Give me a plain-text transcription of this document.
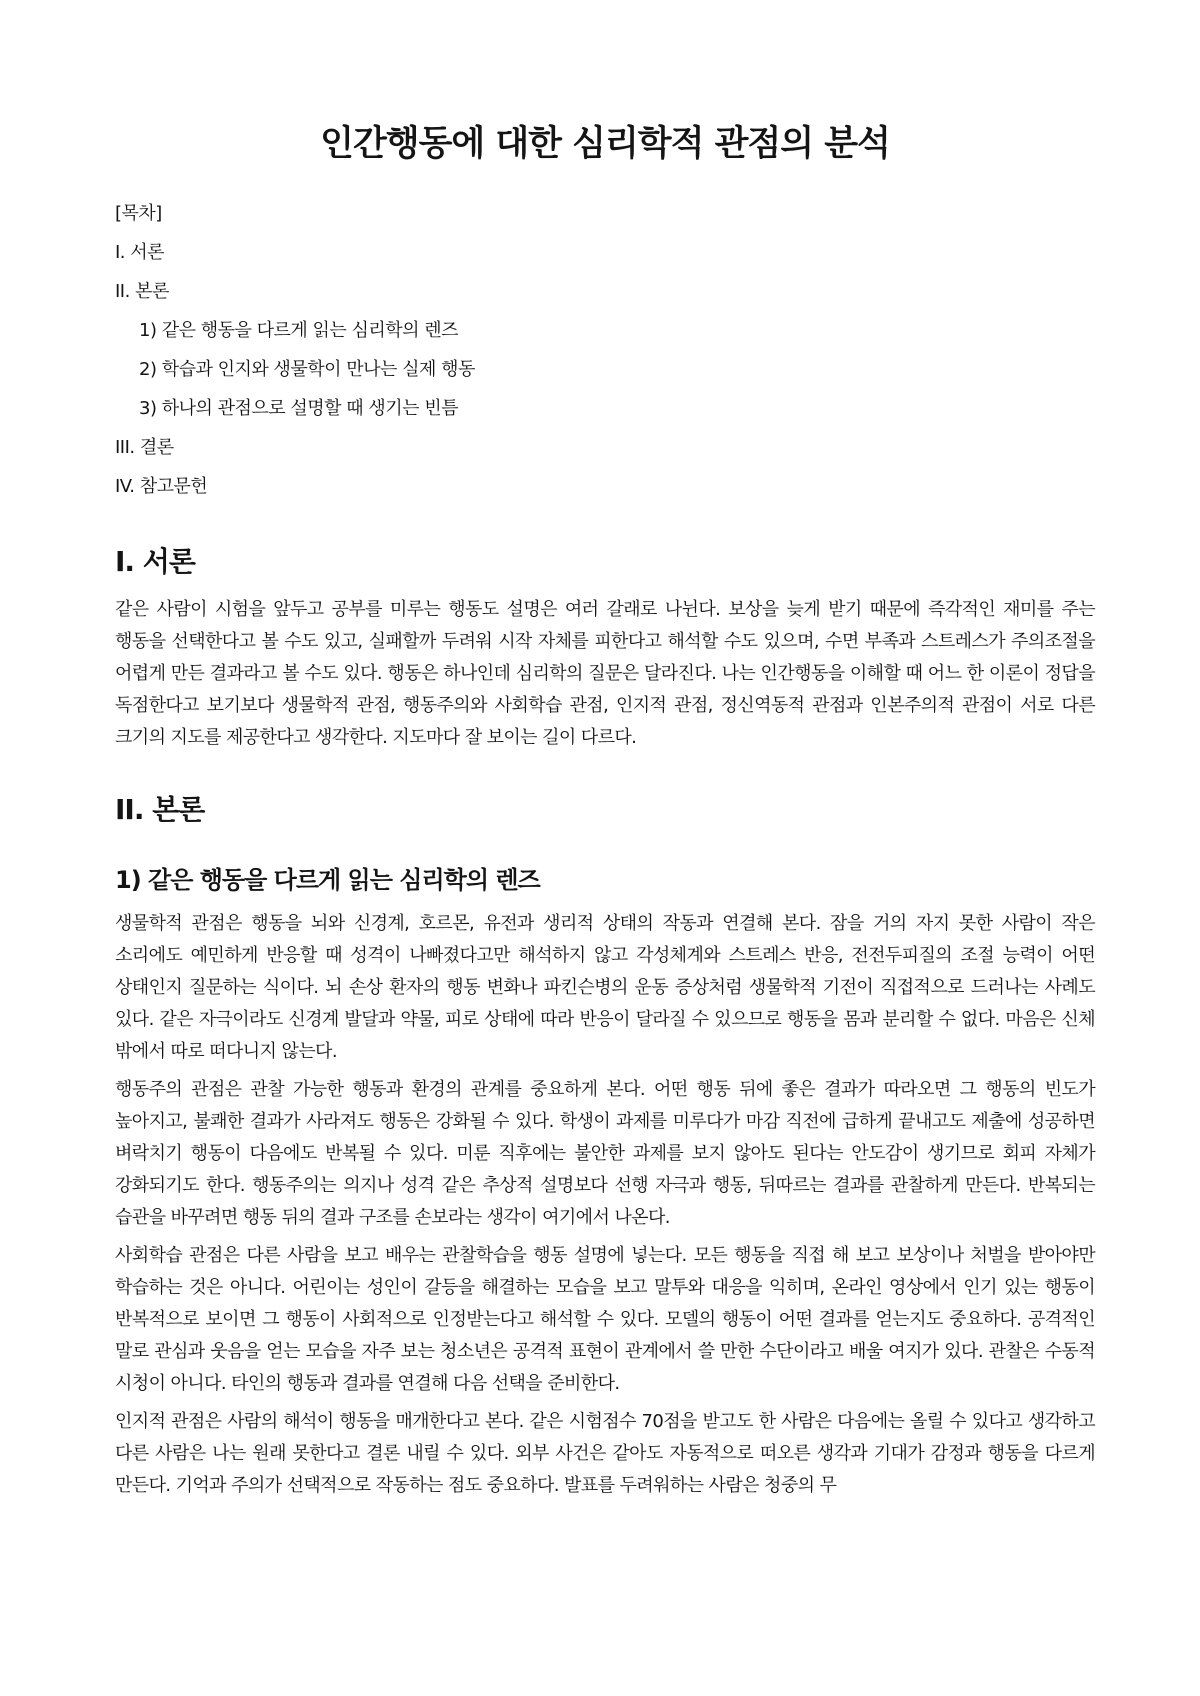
인간행동에 대한 심리학적 관점의 분석
[목차]
I. 서론
II. 본론
1) 같은 행동을 다르게 읽는 심리학의 렌즈
2) 학습과 인지와 생물학이 만나는 실제 행동
3) 하나의 관점으로 설명할 때 생기는 빈틈
III. 결론
IV. 참고문헌
I. 서론

같은 사람이 시험을 앞두고 공부를 미루는 행동도 설명은 여러 갈래로 나뉜다. 보상을 늦게 받기 때문에 즉각적인 재미를 주는 행동을 선택한다고 볼 수도 있고, 실패할까 두려워 시작 자체를 피한다고 해석할 수도 있으며, 수면 부족과 스트레스가 주의조절을 어렵게 만든 결과라고 볼 수도 있다. 행동은 하나인데 심리학의 질문은 달라진다. 나는 인간행동을 이해할 때 어느 한 이론이 정답을 독점한다고 보기보다 생물학적 관점, 행동주의와 사회학습 관점, 인지적 관점, 정신역동적 관점과 인본주의적 관점이 서로 다른 크기의 지도를 제공한다고 생각한다. 지도마다 잘 보이는 길이 다르다.

II. 본론
1) 같은 행동을 다르게 읽는 심리학의 렌즈

생물학적 관점은 행동을 뇌와 신경계, 호르몬, 유전과 생리적 상태의 작동과 연결해 본다. 잠을 거의 자지 못한 사람이 작은 소리에도 예민하게 반응할 때 성격이 나빠졌다고만 해석하지 않고 각성체계와 스트레스 반응, 전전두피질의 조절 능력이 어떤 상태인지 질문하는 식이다. 뇌 손상 환자의 행동 변화나 파킨슨병의 운동 증상처럼 생물학적 기전이 직접적으로 드러나는 사례도 있다. 같은 자극이라도 신경계 발달과 약물, 피로 상태에 따라 반응이 달라질 수 있으므로 행동을 몸과 분리할 수 없다. 마음은 신체 밖에서 따로 떠다니지 않는다.

행동주의 관점은 관찰 가능한 행동과 환경의 관계를 중요하게 본다. 어떤 행동 뒤에 좋은 결과가 따라오면 그 행동의 빈도가 높아지고, 불쾌한 결과가 사라져도 행동은 강화될 수 있다. 학생이 과제를 미루다가 마감 직전에 급하게 끝내고도 제출에 성공하면 벼락치기 행동이 다음에도 반복될 수 있다. 미룬 직후에는 불안한 과제를 보지 않아도 된다는 안도감이 생기므로 회피 자체가 강화되기도 한다. 행동주의는 의지나 성격 같은 추상적 설명보다 선행 자극과 행동, 뒤따르는 결과를 관찰하게 만든다. 반복되는 습관을 바꾸려면 행동 뒤의 결과 구조를 손보라는 생각이 여기에서 나온다.

사회학습 관점은 다른 사람을 보고 배우는 관찰학습을 행동 설명에 넣는다. 모든 행동을 직접 해 보고 보상이나 처벌을 받아야만 학습하는 것은 아니다. 어린이는 성인이 갈등을 해결하는 모습을 보고 말투와 대응을 익히며, 온라인 영상에서 인기 있는 행동이 반복적으로 보이면 그 행동이 사회적으로 인정받는다고 해석할 수 있다. 모델의 행동이 어떤 결과를 얻는지도 중요하다. 공격적인 말로 관심과 웃음을 얻는 모습을 자주 보는 청소년은 공격적 표현이 관계에서 쓸 만한 수단이라고 배울 여지가 있다. 관찰은 수동적 시청이 아니다. 타인의 행동과 결과를 연결해 다음 선택을 준비한다.

인지적 관점은 사람의 해석이 행동을 매개한다고 본다. 같은 시험점수 70점을 받고도 한 사람은 다음에는 올릴 수 있다고 생각하고 다른 사람은 나는 원래 못한다고 결론 내릴 수 있다. 외부 사건은 같아도 자동적으로 떠오른 생각과 기대가 감정과 행동을 다르게 만든다. 기억과 주의가 선택적으로 작동하는 점도 중요하다. 발표를 두려워하는 사람은 청중의 무
